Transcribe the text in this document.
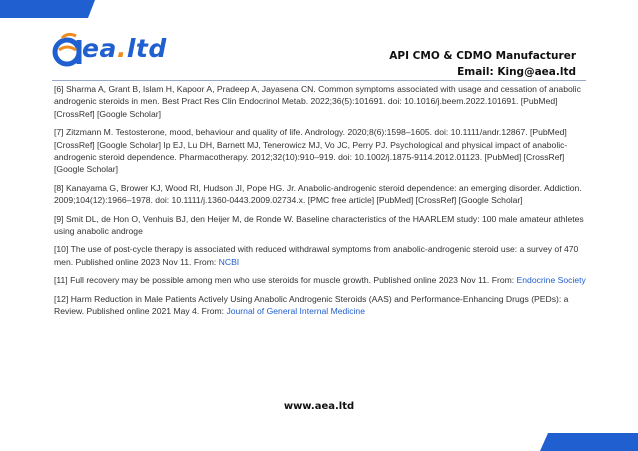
ea.ltd	API CMO & CDMO Manufacturer
Email: King@aea.ltd
[6] Sharma A, Grant B, Islam H, Kapoor A, Pradeep A, Jayasena CN. Common symptoms associated with usage and cessation of anabolic androgenic steroids in men. Best Pract Res Clin Endocrinol Metab. 2022;36(5):101691. doi: 10.1016/j.beem.2022.101691. [PubMed] [CrossRef] [Google Scholar]
[7] Zitzmann M. Testosterone, mood, behaviour and quality of life. Andrology. 2020;8(6):1598–1605. doi: 10.1111/andr.12867. [PubMed] [CrossRef] [Google Scholar] Ip EJ, Lu DH, Barnett MJ, Tenerowicz MJ, Vo JC, Perry PJ. Psychological and physical impact of anabolic-androgenic steroid dependence. Pharmacotherapy. 2012;32(10):910–919. doi: 10.1002/j.1875-9114.2012.01123. [PubMed] [CrossRef] [Google Scholar]
[8] Kanayama G, Brower KJ, Wood RI, Hudson JI, Pope HG. Jr. Anabolic-androgenic steroid dependence: an emerging disorder. Addiction. 2009;104(12):1966–1978. doi: 10.1111/j.1360-0443.2009.02734.x. [PMC free article] [PubMed] [CrossRef] [Google Scholar]
[9] Smit DL, de Hon O, Venhuis BJ, den Heijer M, de Ronde W. Baseline characteristics of the HAARLEM study: 100 male amateur athletes using anabolic androge
[10] The use of post-cycle therapy is associated with reduced withdrawal symptoms from anabolic-androgenic steroid use: a survey of 470 men. Published online 2023 Nov 11. From: NCBI
[11] Full recovery may be possible among men who use steroids for muscle growth. Published online 2023 Nov 11. From: Endocrine Society
[12] Harm Reduction in Male Patients Actively Using Anabolic Androgenic Steroids (AAS) and Performance-Enhancing Drugs (PEDs): a Review. Published online 2021 May 4. From: Journal of General Internal Medicine
www.aea.ltd
